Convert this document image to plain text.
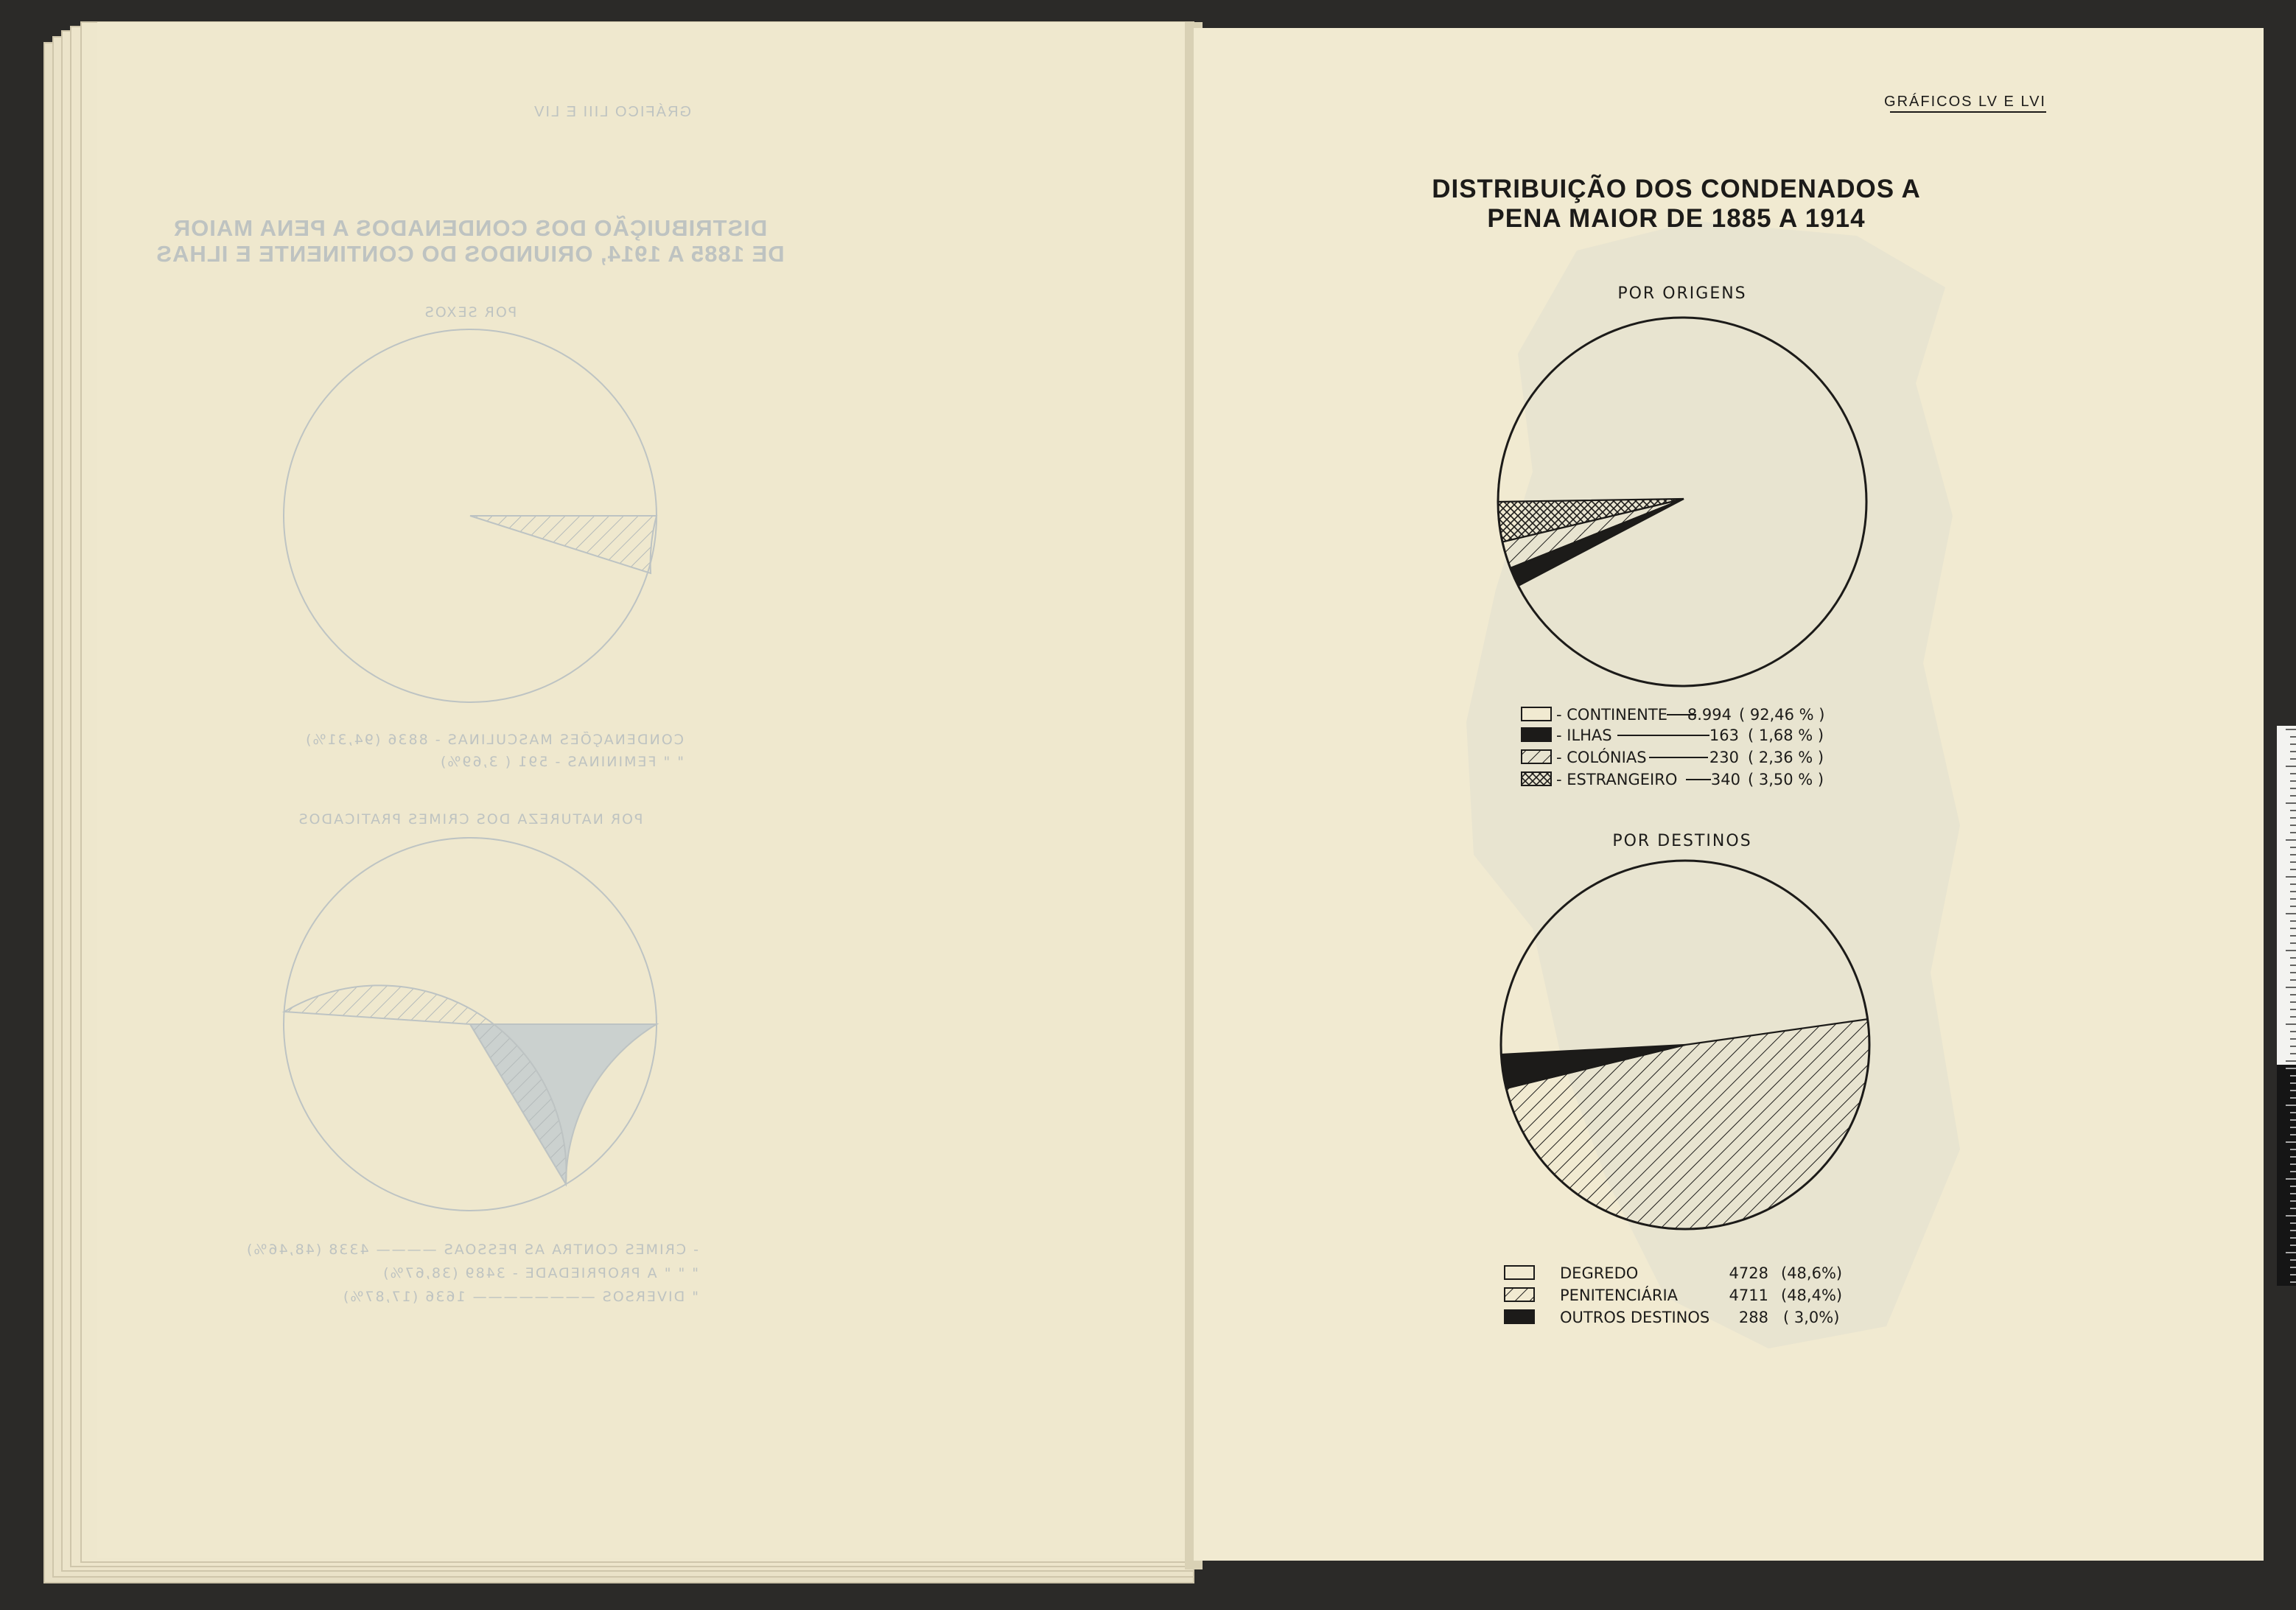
GRÁFICO LIII E LIV
DISTRIBUIÇÃO DOS CONDENADOS A PENA MAIOR
DE 1885 A 1914, ORIUNDOS DO CONTINENTE E ILHAS
POR SEXOS
CONDENAÇÕES MASCULINAS - 8836 (94,31%)
" " FEMININAS - 591 ( 3,69%)
POR NATUREZA DOS CRIMES PRATICADOS
- CRIMES CONTRA AS PESSOAS ———— 4338 (48,46%)
" " " A PROPRIEDADE - 3489 (38,67%)
" DIVERSOS ———————— 1636 (17,87%)
GRÁFICOS LV E LVI
DISTRIBUIÇÃO DOS CONDENADOS A
PENA MAIOR DE 1885 A 1914
POR ORIGENS
- CONTINENTE 8.994 ( 92,46 % )
- ILHAS	163 ( 1,68 % )
- COLÓNIAS	230 ( 2,36 % )
- ESTRANGEIRO 340 ( 3,50 % )
POR DESTINOS
DEGREDO	4728 (48,6%)
PENITENCIÁRIA	4711 (48,4%)
OUTROS DESTINOS 288 ( 3,0%)
